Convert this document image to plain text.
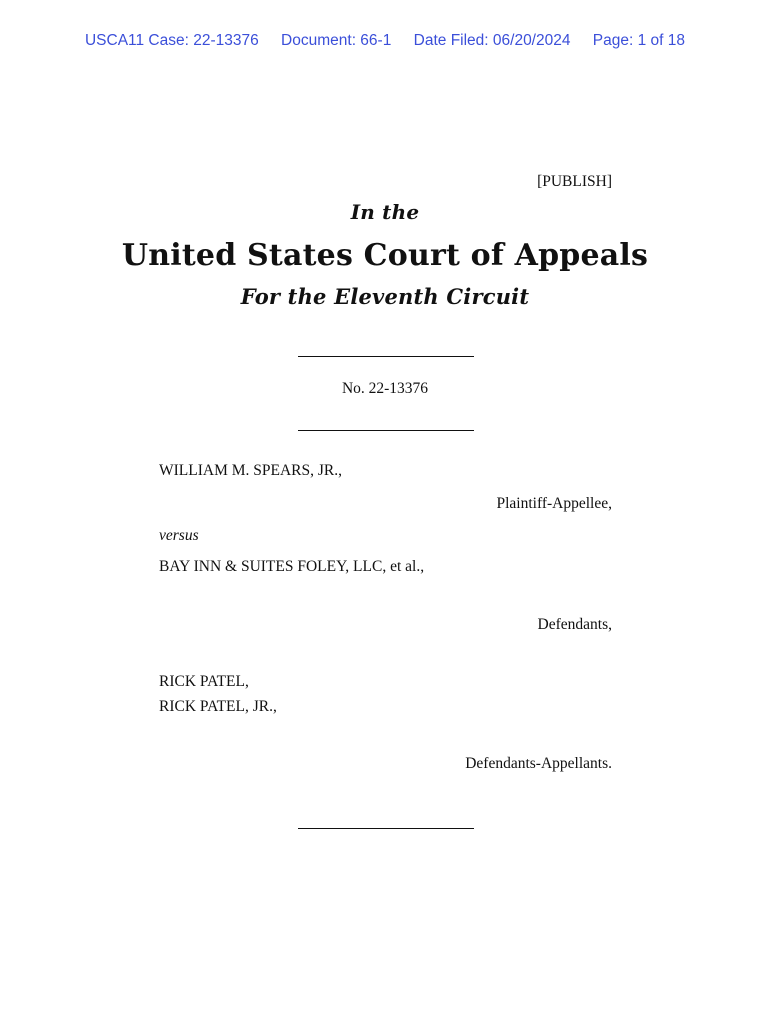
USCA11 Case: 22-13376 Document: 66-1 Date Filed: 06/20/2024 Page: 1 of 18
[PUBLISH]
In the
United States Court of Appeals
For the Eleventh Circuit
No. 22-13376
WILLIAM M. SPEARS, JR.,
Plaintiff-Appellee,
versus
BAY INN & SUITES FOLEY, LLC, et al.,
Defendants,
RICK PATEL,
RICK PATEL, JR.,
Defendants-Appellants.
